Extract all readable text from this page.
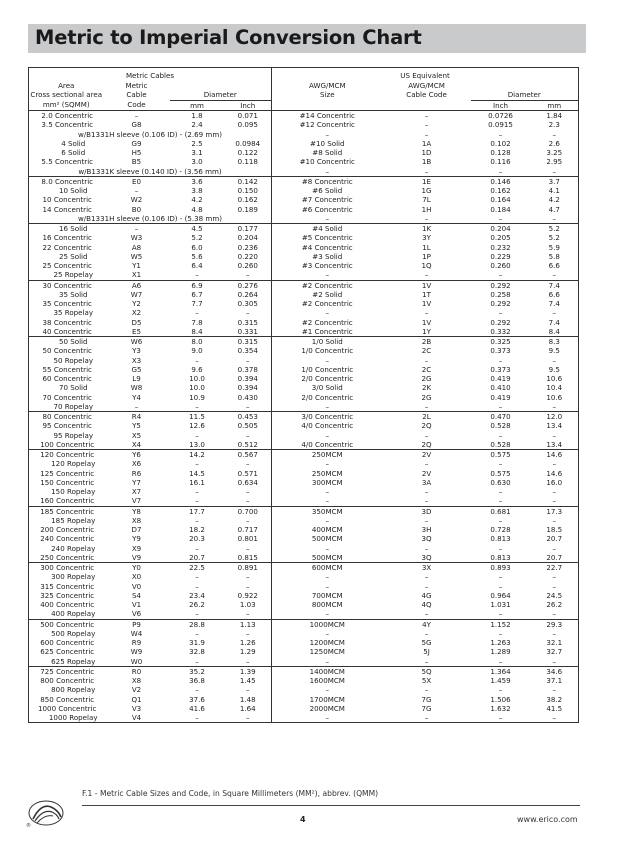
Metric to Imperial Conversion Chart
Metric Cables				US Equivalent			
Area	Metric			AWG/MCM	AWG/MCM		
Cross sectional area	Cable	Diameter		Size	Cable Code	Diameter	
mm² (SQMM)	Code	mm	Inch			Inch	mm
2.0 Concentric	–	1.8	0.071	#14 Concentric	–	0.0726	1.84
3.5 Concentric	G8	2.4	0.095	#12 Concentric	–	0.0915	2.3
w/B1331H sleeve (0.106 ID) - (2.69 mm)				–	–	–	–
4 Solid	G9	2.5	0.0984	#10 Solid	1A	0.102	2.6
6 Solid	H5	3.1	0.122	#8 Solid	1D	0.128	3.25
5.5 Concentric	B5	3.0	0.118	#10 Concentric	1B	0.116	2.95
w/B1331K sleeve (0.140 ID) - (3.56 mm)				–	–	–	–
8.0 Concentric	E0	3.6	0.142	#8 Concentric	1E	0.146	3.7
10 Solid	–	3.8	0.150	#6 Solid	1G	0.162	4.1
10 Concentric	W2	4.2	0.162	#7 Concentric	7L	0.164	4.2
14 Concentric	B0	4.8	0.189	#6 Concentric	1H	0.184	4.7
w/B1331H sleeve (0.106 ID) - (5.38 mm)				–	–	–	–
16 Solid	–	4.5	0.177	#4 Solid	1K	0.204	5.2
16 Concentric	W3	5.2	0.204	#5 Concentric	3Y	0.205	5.2
22 Concentric	A8	6.0	0.236	#4 Concentric	1L	0.232	5.9
25 Solid	W5	5.6	0.220	#3 Solid	1P	0.229	5.8
25 Concentric	Y1	6.4	0.260	#3 Concentric	1Q	0.260	6.6
25 Ropelay	X1	–	–	–	–	–	–
30 Concentric	A6	6.9	0.276	#2 Concentric	1V	0.292	7.4
35 Solid	W7	6.7	0.264	#2 Solid	1T	0.258	6.6
35 Concentric	Y2	7.7	0.305	#2 Concentric	1V	0.292	7.4
35 Ropelay	X2	–	–	–	–	–	–
38 Concentric	D5	7.8	0.315	#2 Concentric	1V	0.292	7.4
40 Concentric	E5	8.4	0.331	#1 Concentric	1Y	0.332	8.4
50 Solid	W6	8.0	0.315	1/0 Solid	2B	0.325	8.3
50 Concentric	Y3	9.0	0.354	1/0 Concentric	2C	0.373	9.5
50 Ropelay	X3	–	–	–	–	–	–
55 Concentric	G5	9.6	0.378	1/0 Concentric	2C	0.373	9.5
60 Concentric	L9	10.0	0.394	2/0 Concentric	2G	0.419	10.6
70 Solid	W8	10.0	0.394	3/0 Solid	2K	0.410	10.4
70 Concentric	Y4	10.9	0.430	2/0 Concentric	2G	0.419	10.6
70 Ropelay	–	–	–	–	–	–	–
80 Concentric	R4	11.5	0.453	3/0 Concentric	2L	0.470	12.0
95 Concentric	Y5	12.6	0.505	4/0 Concentric	2Q	0.528	13.4
95 Ropelay	X5	–	–	–	–	–	–
100 Concentric	X4	13.0	0.512	4/0 Concentric	2Q	0.528	13.4
120 Concentric	Y6	14.2	0.567	250MCM	2V	0.575	14.6
120 Ropelay	X6	–	–	–	–	–	–
125 Concentric	R6	14.5	0.571	250MCM	2V	0.575	14.6
150 Concentric	Y7	16.1	0.634	300MCM	3A	0.630	16.0
150 Ropelay	X7	–	–	–	–	–	–
160 Concentric	V7	–	–	–	–	–	–
185 Concentric	Y8	17.7	0.700	350MCM	3D	0.681	17.3
185 Ropelay	X8	–	–	–	–	–	–
200 Concentric	D7	18.2	0.717	400MCM	3H	0.728	18.5
240 Concentric	Y9	20.3	0.801	500MCM	3Q	0.813	20.7
240 Ropelay	X9	–	–	–	–	–	–
250 Concentric	V9	20.7	0.815	500MCM	3Q	0.813	20.7
300 Concentric	Y0	22.5	0.891	600MCM	3X	0.893	22.7
300 Ropelay	X0	–	–	–	–	–	–
315 Concentric	V0	–	–	–	–	–	–
325 Concentric	S4	23.4	0.922	700MCM	4G	0.964	24.5
400 Concentric	V1	26.2	1.03	800MCM	4Q	1.031	26.2
400 Ropelay	V6	–	–	–	–	–	–
500 Concentric	P9	28.8	1.13	1000MCM	4Y	1.152	29.3
500 Ropelay	W4	–	–	–	–	–	–
600 Concentric	R9	31.9	1.26	1200MCM	5G	1.263	32.1
625 Concentric	W9	32.8	1.29	1250MCM	5J	1.289	32.7
625 Ropelay	W0	–	–	–	–	–	–
725 Concentric	R0	35.2	1.39	1400MCM	5Q	1.364	34.6
800 Concentric	X8	36.8	1.45	1600MCM	5X	1.459	37.1
800 Ropelay	V2	–	–	–	–	–	–
850 Concentric	Q1	37.6	1.48	1700MCM	7G	1.506	38.2
1000 Concentric	V3	41.6	1.64	2000MCM	7G	1.632	41.5
1000 Ropelay	V4	–	–	–	–	–	–
F.1 - Metric Cable Sizes and Code, in Square Millimeters (MM²), abbrev. (QMM)
4	www.erico.com
®
